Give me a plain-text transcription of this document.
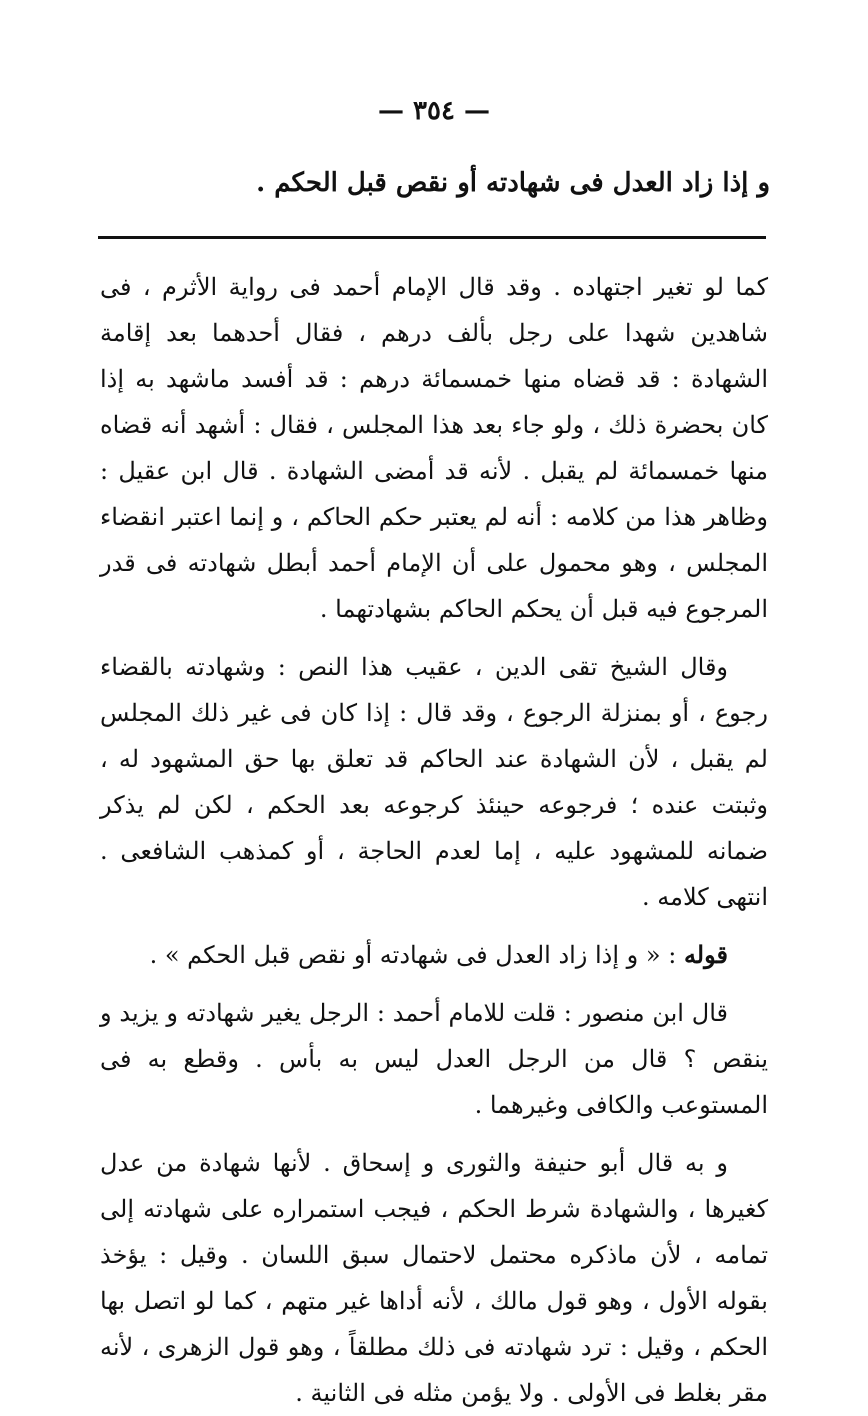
— ٣٥٤ —
و إذا زاد العدل فى شهادته أو نقص قبل الحكم .

كما لو تغير اجتهاده . وقد قال الإمام أحمد فى رواية الأثرم ، فى شاهدين شهدا على رجل بألف درهم ، فقال أحدهما بعد إقامة الشهادة : قد قضاه منها خمسمائة درهم : قد أفسد ماشهد به إذا كان بحضرة ذلك ، ولو جاء بعد هذا المجلس ، فقال : أشهد أنه قضاه منها خمسمائة لم يقبل . لأنه قد أمضى الشهادة . قال ابن عقيل : وظاهر هذا من كلامه : أنه لم يعتبر حكم الحاكم ، و إنما اعتبر انقضاء المجلس ، وهو محمول على أن الإمام أحمد أبطل شهادته فى قدر المرجوع فيه قبل أن يحكم الحاكم بشهادتهما .

وقال الشيخ تقى الدين ، عقيب هذا النص : وشهادته بالقضاء رجوع ، أو بمنزلة الرجوع ، وقد قال : إذا كان فى غير ذلك المجلس لم يقبل ، لأن الشهادة عند الحاكم قد تعلق بها حق المشهود له ، وثبتت عنده ؛ فرجوعه حينئذ كرجوعه بعد الحكم ، لكن لم يذكر ضمانه للمشهود عليه ، إما لعدم الحاجة ، أو كمذهب الشافعى . انتهى كلامه .

قوله : « و إذا زاد العدل فى شهادته أو نقص قبل الحكم » .

قال ابن منصور : قلت للامام أحمد : الرجل يغير شهادته و يزيد و ينقص ؟ قال من الرجل العدل ليس به بأس . وقطع به فى المستوعب والكافى وغيرهما .

و به قال أبو حنيفة والثورى و إسحاق . لأنها شهادة من عدل كغيرها ، والشهادة شرط الحكم ، فيجب استمراره على شهادته إلى تمامه ، لأن ماذكره محتمل لاحتمال سبق اللسان . وقيل : يؤخذ بقوله الأول ، وهو قول مالك ، لأنه أداها غير متهم ، كما لو اتصل بها الحكم ، وقيل : ترد شهادته فى ذلك مطلقاً ، وهو قول الزهرى ، لأنه مقر بغلط فى الأولى . ولا يؤمن مثله فى الثانية .
